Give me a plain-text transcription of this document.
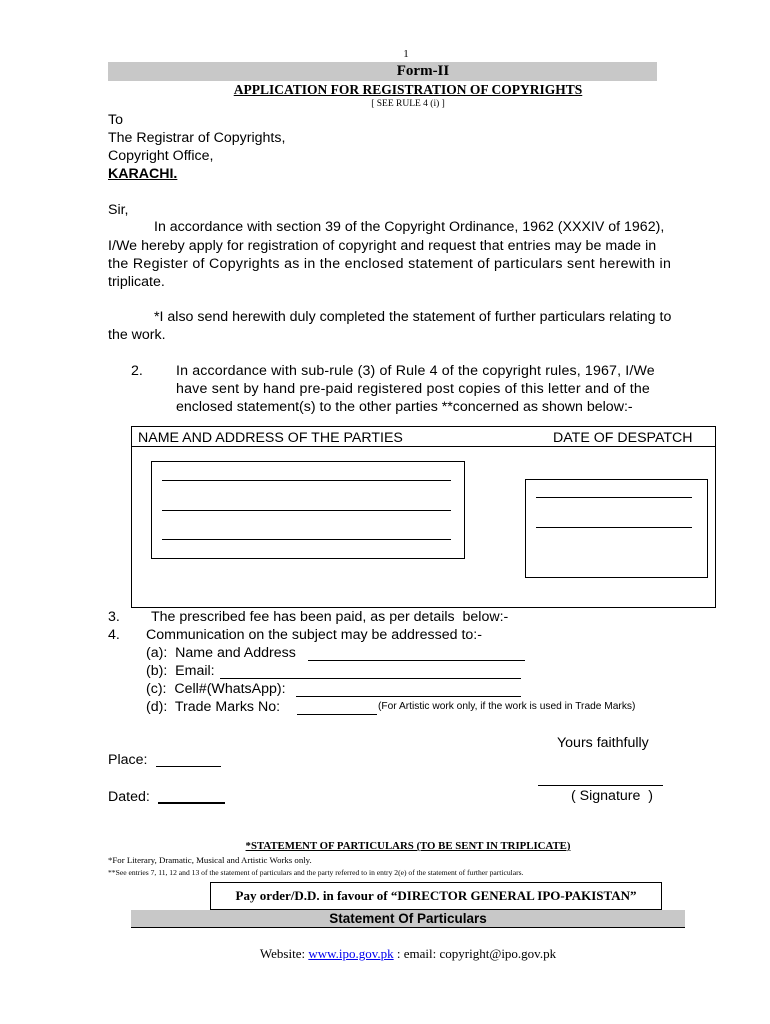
1
Form-II
APPLICATION FOR REGISTRATION OF COPYRIGHTS
[ SEE RULE 4 (i) ]
To
The Registrar of Copyrights,
Copyright Office,
KARACHI.
Sir,
In accordance with section 39 of the Copyright Ordinance, 1962 (XXXIV of 1962),
I/We hereby apply for registration of copyright and request that entries may be made in
the Register of Copyrights as in the enclosed statement of particulars sent herewith in
triplicate.
*I also send herewith duly completed the statement of further particulars relating to
the work.
2. In accordance with sub-rule (3) of Rule 4 of the copyright rules, 1967, I/We
have sent by hand pre-paid registered post copies of this letter and of the
enclosed statement(s) to the other parties **concerned as shown below:-
NAME AND ADDRESS OF THE PARTIES	DATE OF DESPATCH
3. The prescribed fee has been paid, as per details  below:-
4. Communication on the subject may be addressed to:-
(a):  Name and Address
(b):  Email:
(c):  Cell#(WhatsApp):
(d):  Trade Marks No:	(For Artistic work only, if the work is used in Trade Marks)
Yours faithfully
Place:
( Signature  )
Dated:
*STATEMENT OF PARTICULARS (TO BE SENT IN TRIPLICATE)
*For Literary, Dramatic, Musical and Artistic Works only.
**See entries 7, 11, 12 and 13 of the statement of particulars and the party referred to in entry 2(e) of the statement of further particulars.
Pay order/D.D. in favour of “DIRECTOR GENERAL IPO-PAKISTAN”
Statement Of Particulars
Website: www.ipo.gov.pk : email: copyright@ipo.gov.pk
